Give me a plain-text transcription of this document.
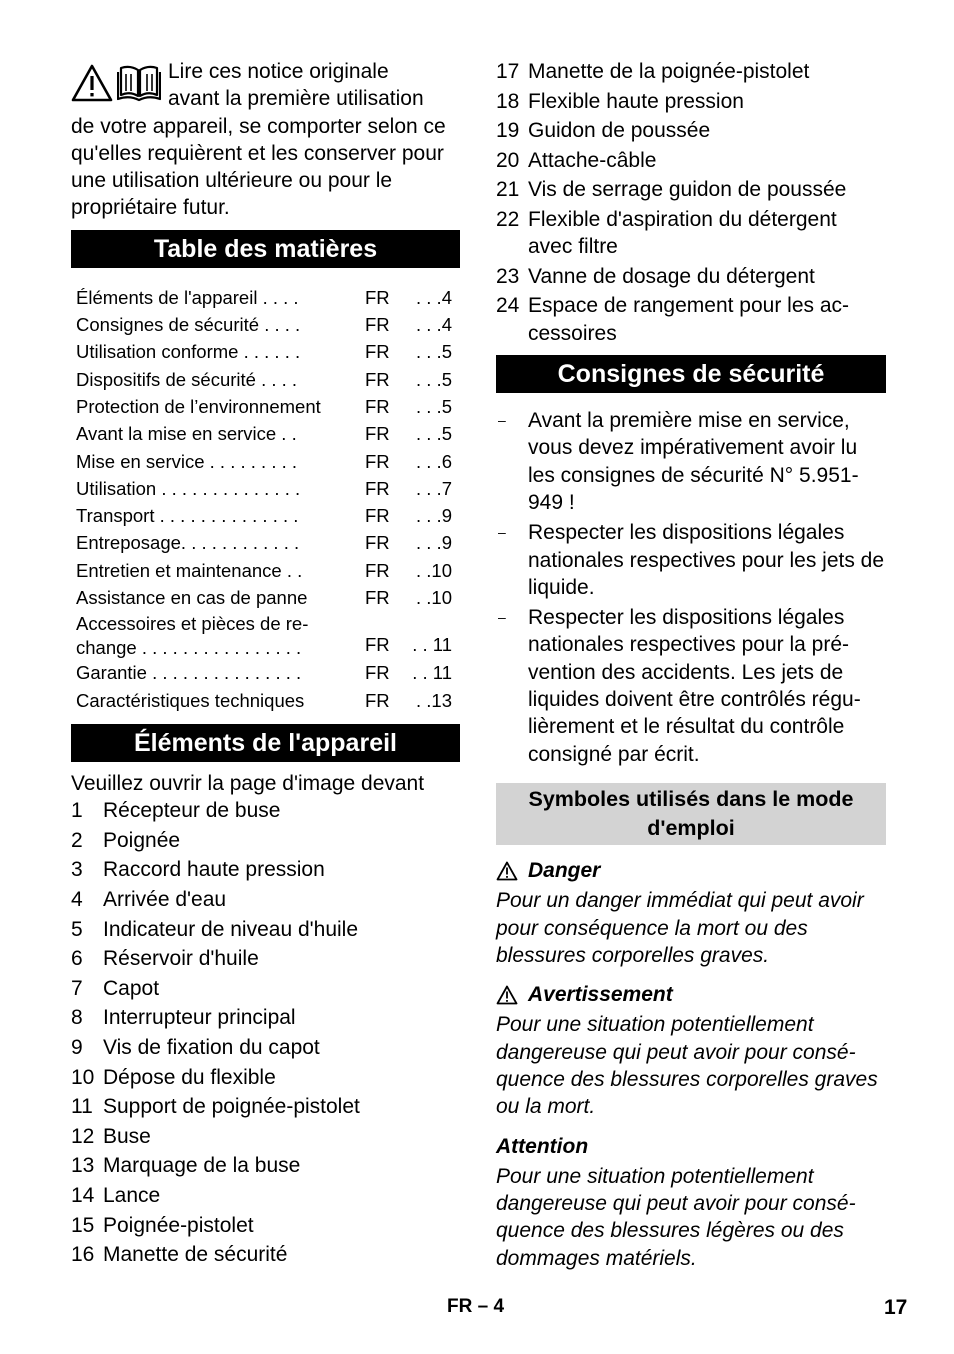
Lire ces notice originale

avant la première utilisation

de votre appareil, se comporter selon ce qu'elles requièrent et les conserver pour une utilisation ultérieure ou pour le propriétaire futur.

Table des matières
Éléments de l'appareil . . . .	FR . . .4
Consignes de sécurité . . . .	FR . . .4
Utilisation conforme . . . . . .	FR . . .5
Dispositifs de sécurité . . . .	FR . . .5
Protection de l’environnement	FR . . .5
Avant la mise en service . .	FR . . .5
Mise en service . . . . . . . . .	FR . . .6
Utilisation . . . . . . . . . . . . . .	FR . . .7
Transport . . . . . . . . . . . . . .	FR . . .9
Entreposage. . . . . . . . . . . .	FR . . .9
Entretien et maintenance . .	FR . .10
Assistance en cas de panne	FR . .10
Accessoires et pièces de re-change . . . . . . . . . . . . . . . .	FR . . 11
Garantie . . . . . . . . . . . . . . .	FR . . 11
Caractéristiques techniques	FR . .13
Éléments de l'appareil

Veuillez ouvrir la page d'image devant

1 Récepteur de buse
2 Poignée
3 Raccord haute pression
4 Arrivée d'eau
5 Indicateur de niveau d'huile
6 Réservoir d'huile
7 Capot
8 Interrupteur principal
9 Vis de fixation du capot
10 Dépose du flexible
11 Support de poignée-pistolet
12 Buse
13 Marquage de la buse
14 Lance
15 Poignée-pistolet
16 Manette de sécurité
17 Manette de la poignée-pistolet
18 Flexible haute pression
19 Guidon de poussée
20 Attache-câble
21 Vis de serrage guidon de poussée
22 Flexible d'aspiration du détergent avec filtre
23 Vanne de dosage du détergent
24 Espace de rangement pour les ac-cessoires
Consignes de sécurité
– Avant la première mise en service, vous devez impérativement avoir lu les consignes de sécurité N° 5.951-949 !
– Respecter les dispositions légales nationales respectives pour les jets de liquide.
– Respecter les dispositions légales nationales respectives pour la pré-vention des accidents. Les jets de liquides doivent être contrôlés régu-lièrement et le résultat du contrôle consigné par écrit.
Symboles utilisés dans le mode d'emploi
Danger

Pour un danger immédiat qui peut avoir pour conséquence la mort ou des blessures corporelles graves.

Avertissement

Pour une situation potentiellement dangereuse qui peut avoir pour consé-quence des blessures corporelles graves ou la mort.

Attention

Pour une situation potentiellement dangereuse qui peut avoir pour consé-quence des blessures légères ou des dommages matériels.

FR – 4	17
